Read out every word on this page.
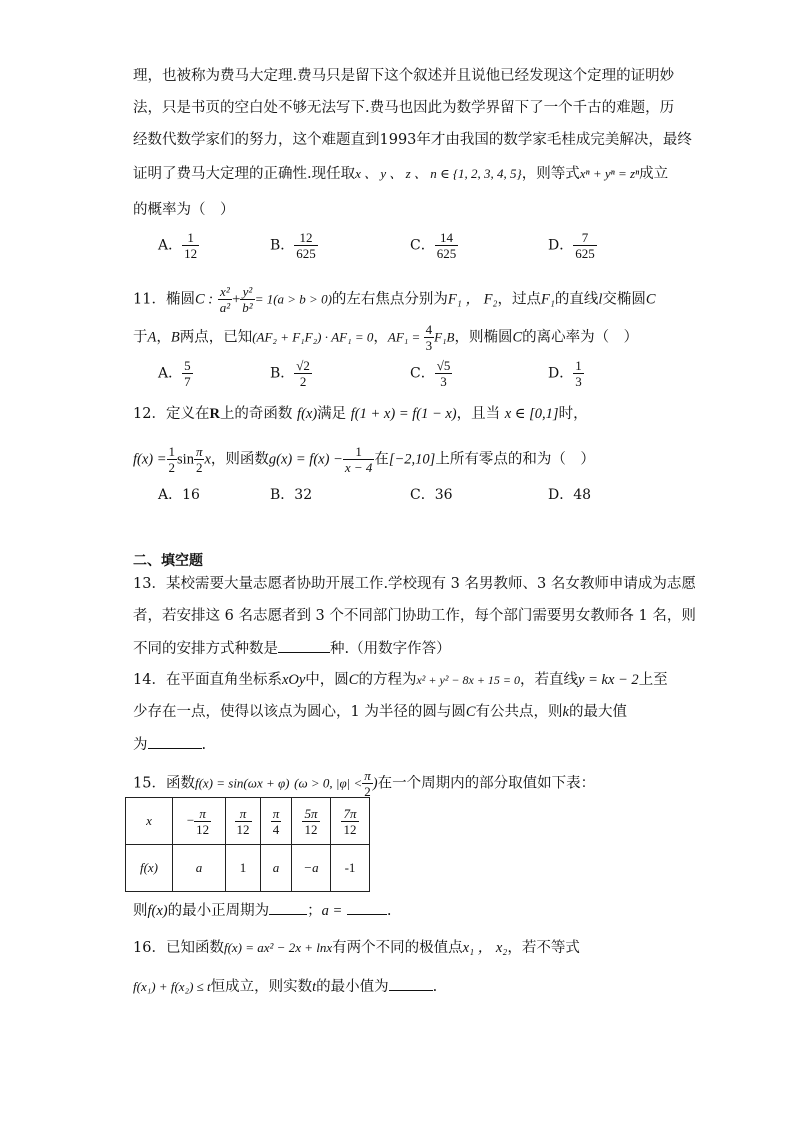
理，也被称为费马大定理.费马只是留下这个叙述并且说他已经发现这个定理的证明妙
法，只是书页的空白处不够无法写下.费马也因此为数学界留下了一个千古的难题，历
经数代数学家们的努力，这个难题直到1993年才由我国的数学家毛桂成完美解决，最终
证明了费马大定理的正确性.现任取x 、 y 、 z 、 n ∈ {1, 2, 3, 4, 5}，则等式xⁿ + yⁿ = zⁿ成立
的概率为（　）
A． $\frac{1}{12}$	B． $\frac{12}{625}$	C． $\frac{14}{625}$	D． $\frac{7}{625}$
11．椭圆C : $\frac{\text{x²}}{\text{a²}} + \frac{\text{y²}}{\text{b²}} = 1(a > b > 0)$的左右焦点分别为F₁ ， F₂，过点F₁的直线l交椭圆C
于A，B两点，已知(AF₂ + F₁F₂) · AF₁ = 0，$AF_1 = \frac{4}{3} F_1B$，则椭圆C的离心率为（　）
A． $\frac{5}{7}$	B． $\frac{√2}{2}$	C． $\frac{√5}{3}$	D． $\frac{1}{3}$
12．定义在R上的奇函数 f(x)满足 f(1 + x) = f(1 − x)，且当 x ∈ [0,1]时，
$f(x) = \frac{1}{2}$ $\sin \frac{\pi}{2}$ x，则函数$g(x) = f(x) - \frac{1}{x - 4}$ 在[−2,10]上所有零点的和为（　）
A．16	B．32	C．36	D．48
二、填空题
13．某校需要大量志愿者协助开展工作.学校现有 3 名男教师、3 名女教师申请成为志愿
者，若安排这 6 名志愿者到 3 个不同部门协助工作，每个部门需要男女教师各 1 名，则
不同的安排方式种数是	种.（用数字作答）
14．在平面直角坐标系xOy中，圆C的方程为x² + y² − 8x + 15 = 0，若直线y = kx − 2上至
少存在一点，使得以该点为圆心，1 为半径的圆与圆C有公共点，则k的最大值
为	.
15．函数f(x) = sin(ωx + φ) (ω > 0, $|\varphi| < \frac{\pi}{2}$ )在一个周期内的部分取值如下表：
x	− $\frac{\pi}{12}$	$\frac{\pi}{12}$	$\frac{\pi}{4}$	$\frac{5\pi}{12}$	$\frac{7\pi}{12}$

f(x)	a	1	a	−a	-1
则f(x)的最小正周期为	；a =	.
16．已知函数f(x) = ax² − 2x + lnx有两个不同的极值点x₁ ， x₂，若不等式
f(x₁) + f(x₂) ≤ t恒成立，则实数t的最小值为	.
